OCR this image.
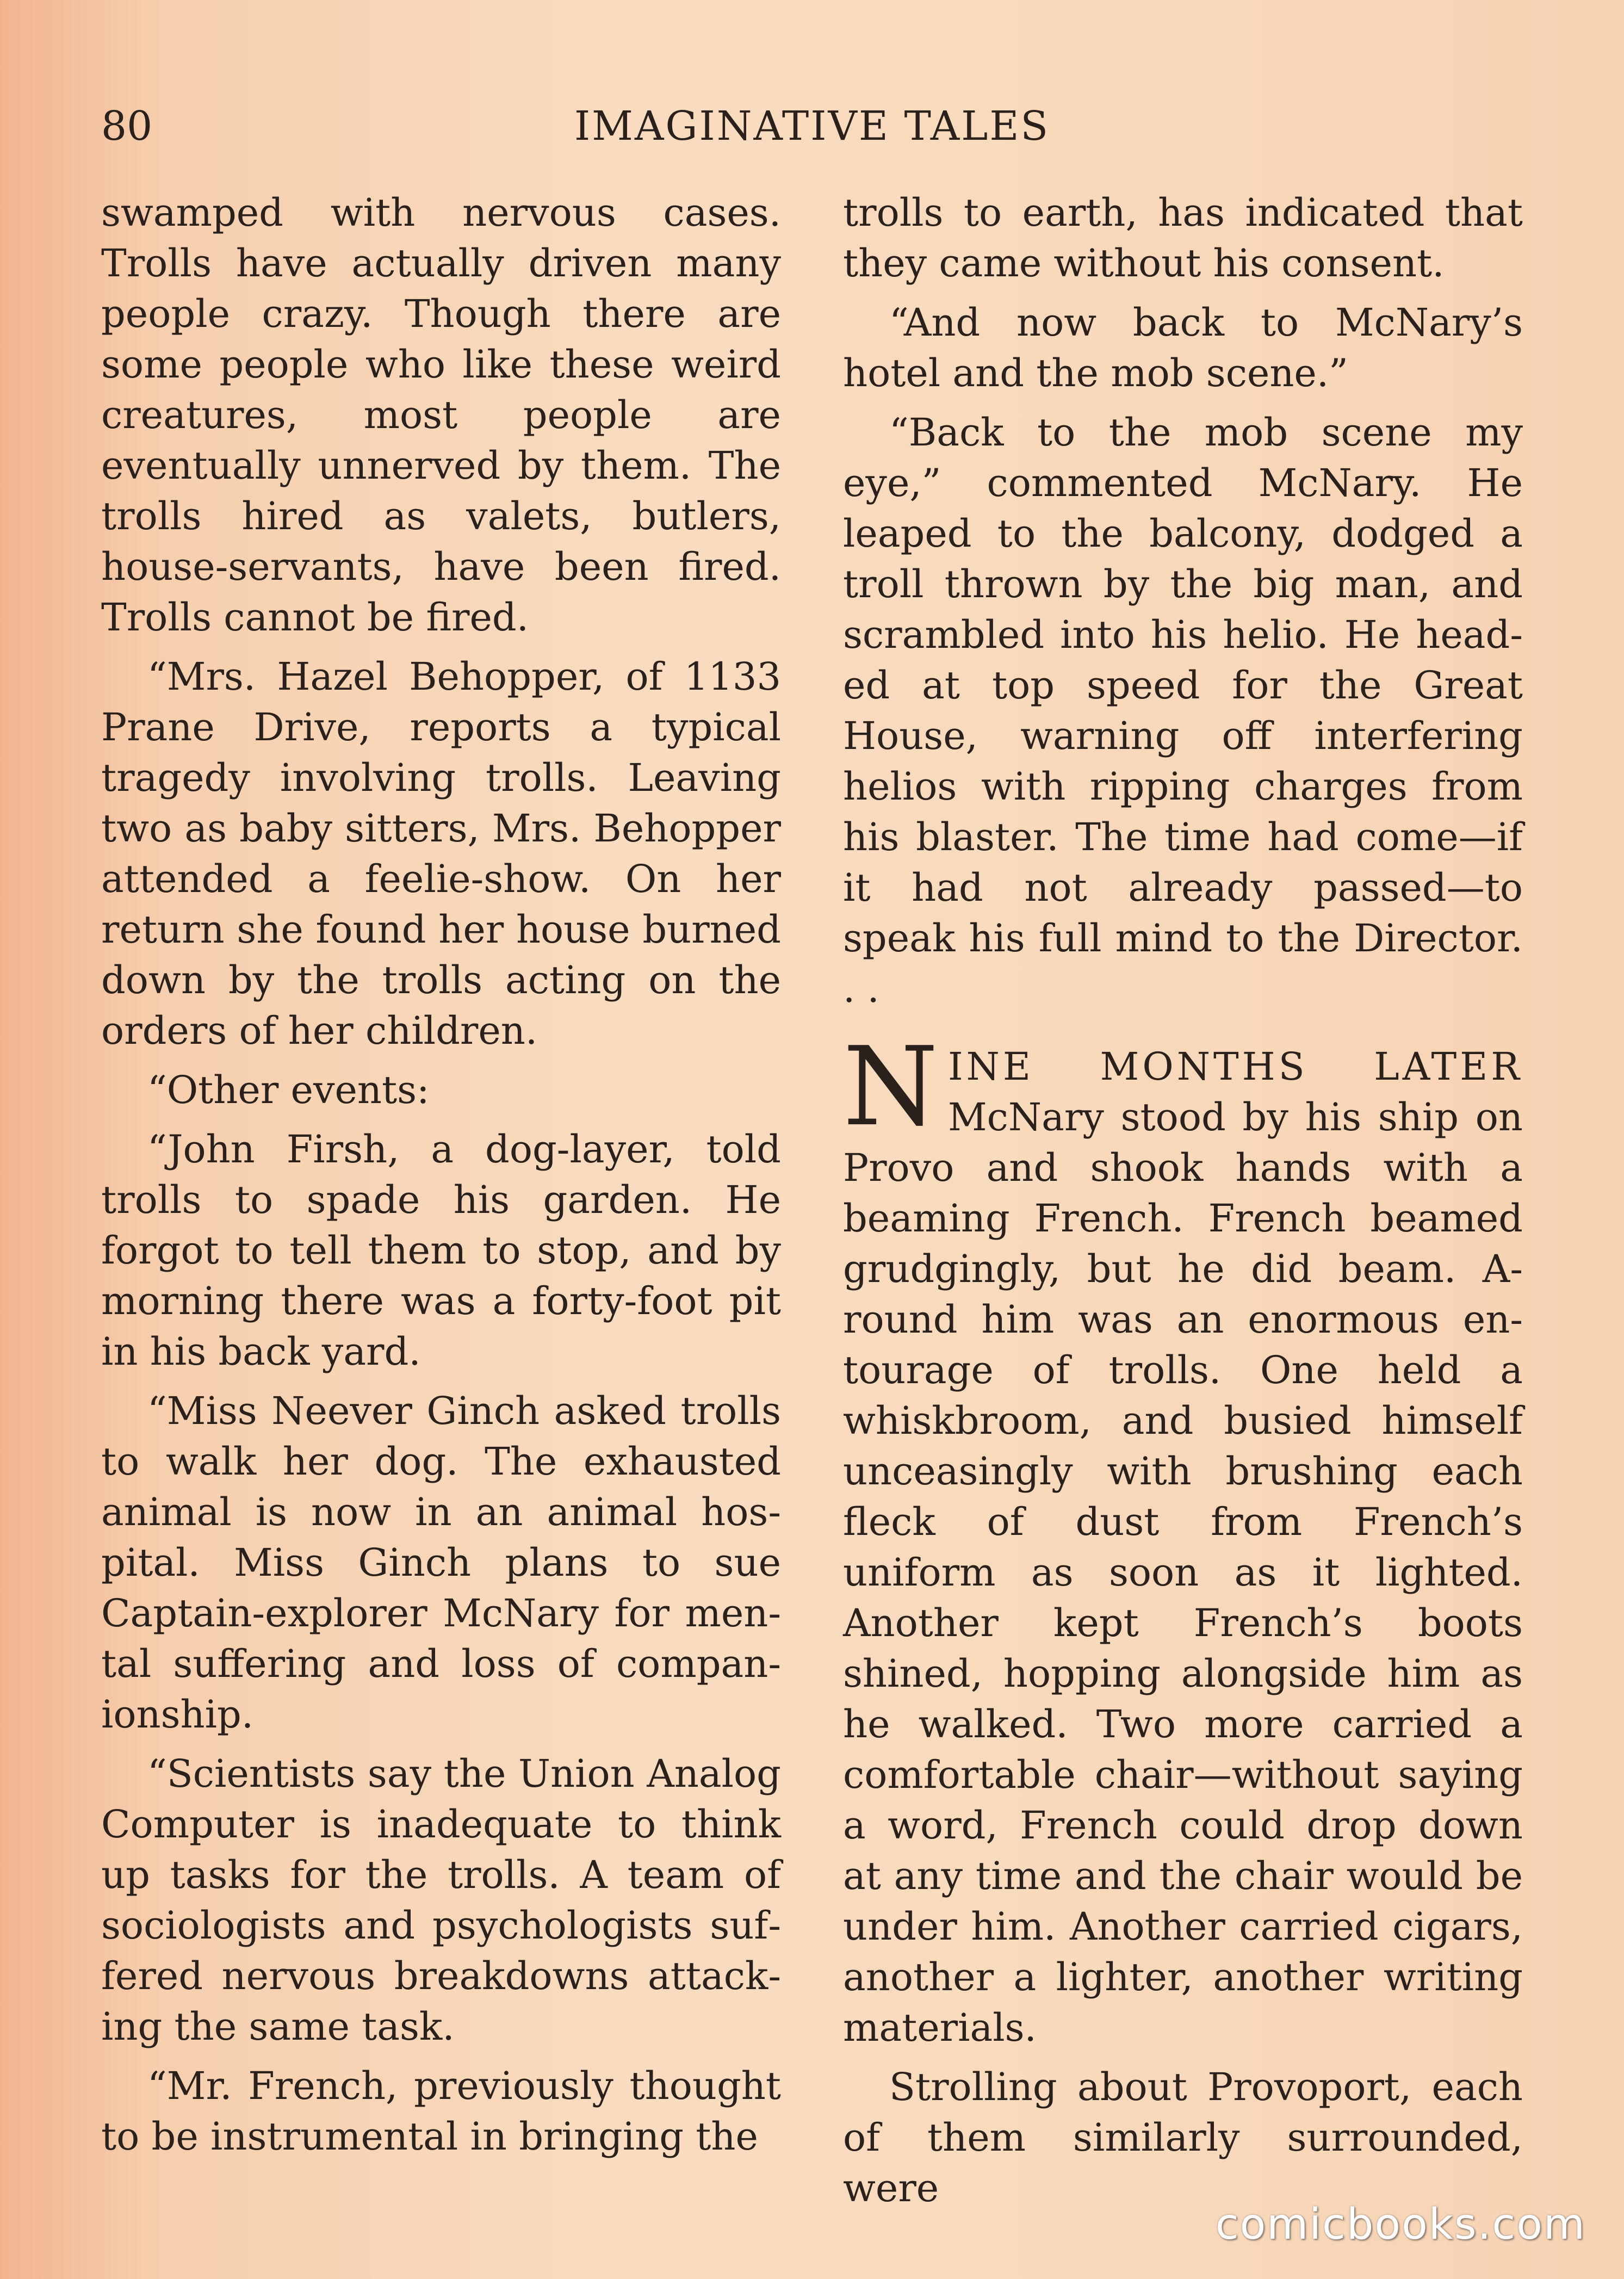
80	IMAGINATIVE TALES

swamped with nervous cases. Trolls have actually driven many people crazy. Though there are some people who like these weird creatures, most people are eventually unnerved by them. The trolls hired as valets, butlers, house-servants, have been fired. Trolls cannot be fired.

“Mrs. Hazel Behopper, of 1133 Prane Drive, reports a typical tragedy involving trolls. Leaving two as baby sitters, Mrs. Behopper attended a feelie-show. On her return she found her house burned down by the trolls acting on the orders of her children.

“Other events:

“John Firsh, a dog-layer, told trolls to spade his garden. He forgot to tell them to stop, and by morning there was a forty-foot pit in his back yard.

“Miss Neever Ginch asked trolls to walk her dog. The exhausted animal is now in an animal hospital. Miss Ginch plans to sue Captain-explorer McNary for mental suffering and loss of companionship.

“Scientists say the Union Analog Computer is inadequate to think up tasks for the trolls. A team of sociologists and psychologists suffered nervous breakdowns attacking the same task.

“Mr. French, previously thought to be instrumental in bringing the

trolls to earth, has indicated that they came without his consent.

“And now back to McNary’s hotel and the mob scene.”

“Back to the mob scene my eye,” commented McNary. He leaped to the balcony, dodged a troll thrown by the big man, and scrambled into his helio. He headed at top speed for the Great House, warning off interfering helios with ripping charges from his blaster. The time had come—if it had not already passed—to speak his full mind to the Director. . .

NINE MONTHS LATER McNary stood by his ship on Provo and shook hands with a beaming French. French beamed grudgingly, but he did beam. Around him was an enormous entourage of trolls. One held a whiskbroom, and busied himself unceasingly with brushing each fleck of dust from French’s uniform as soon as it lighted. Another kept French’s boots shined, hopping alongside him as he walked. Two more carried a comfortable chair—without saying a word, French could drop down at any time and the chair would be under him. Another carried cigars, another a lighter, another writing materials.

Strolling about Provoport, each of them similarly surrounded, were

comicbooks.com
